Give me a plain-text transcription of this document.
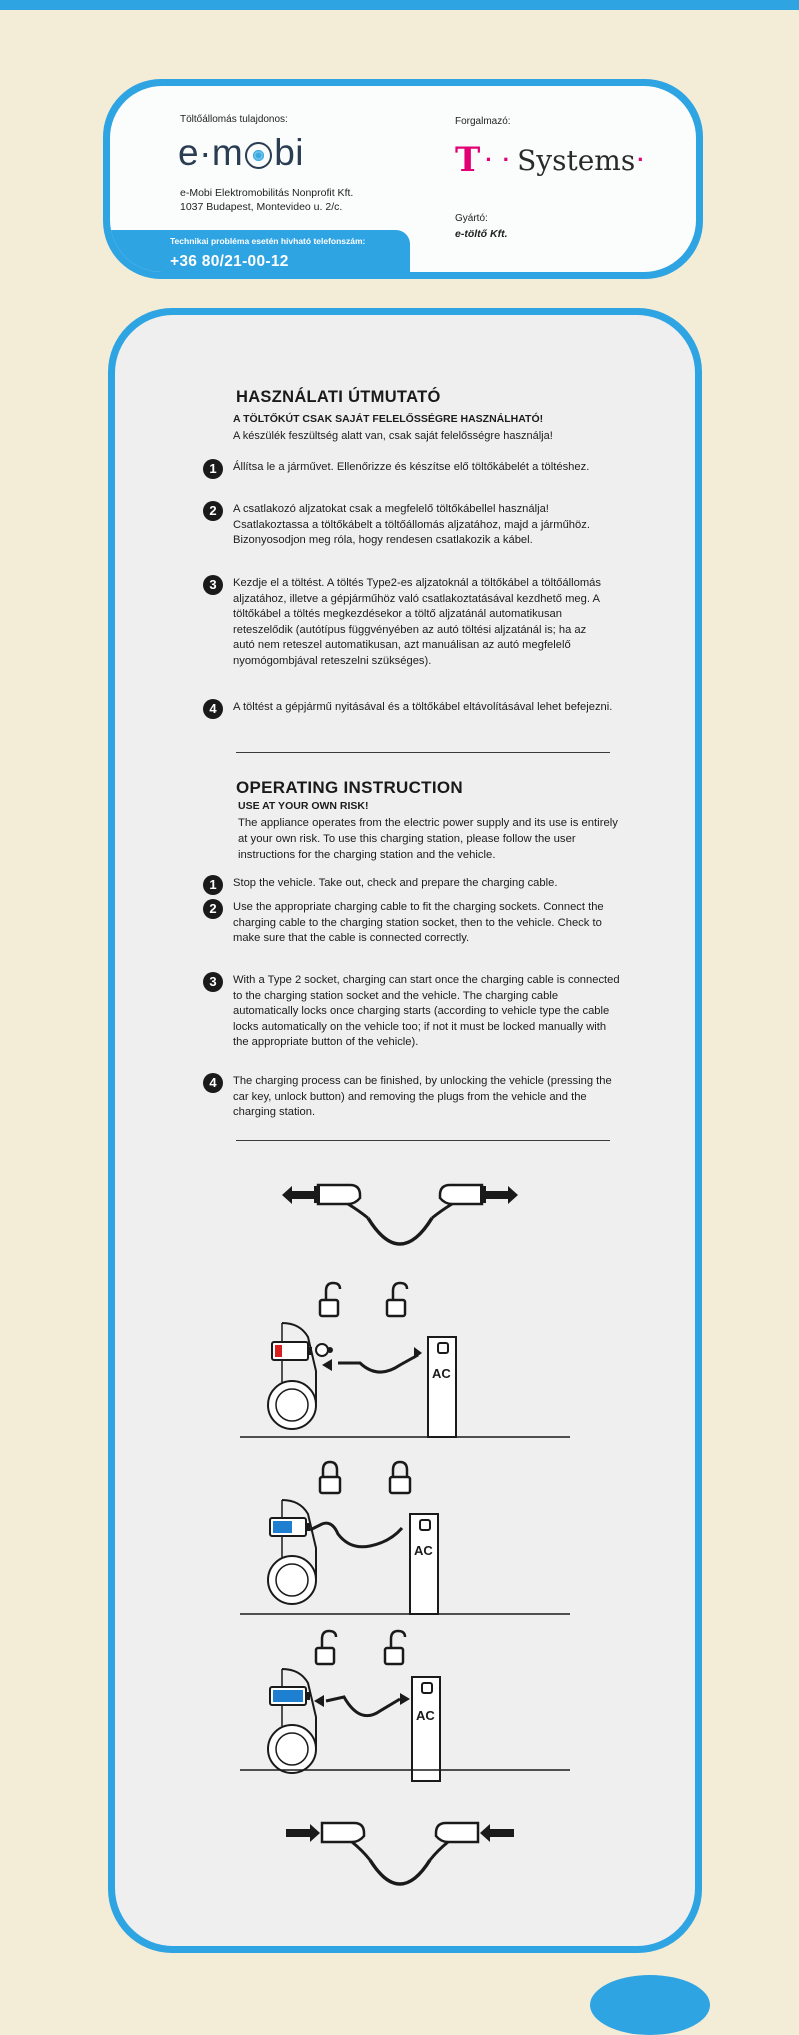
Töltőállomás tulajdonos:
e·m bi
e-Mobi Elektromobilitás Nonprofit Kft.
1037 Budapest, Montevideo u. 2/c.
Technikai probléma esetén hívható telefonszám:
+36 80/21-00-12
Forgalmazó:
T · · Systems ·
Gyártó:
e-töltő Kft.
HASZNÁLATI ÚTMUTATÓ
A TÖLTŐKÚT CSAK SAJÁT FELELŐSSÉGRE HASZNÁLHATÓ!
A készülék feszültség alatt van, csak saját felelősségre használja!
1	Állítsa le a járművet. Ellenőrizze és készítse elő töltőkábelét a töltéshez.
2	A csatlakozó aljzatokat csak a megfelelő töltőkábellel használja! Csatlakoztassa a töltőkábelt a töltőállomás aljzatához, majd a járműhöz. Bizonyosodjon meg róla, hogy rendesen csatlakozik a kábel.
3	Kezdje el a töltést. A töltés Type2-es aljzatoknál a töltőkábel a töltőállomás aljzatához, illetve a gépjárműhöz való csatlakoztatásával kezdhető meg. A töltőkábel a töltés megkezdésekor a töltő aljzatánál automatikusan reteszelődik (autótípus függvényében az autó töltési aljzatánál is; ha az autó nem reteszel automatikusan, azt manuálisan az autó megfelelő nyomógombjával reteszelni szükséges).
4	A töltést a gépjármű nyitásával és a töltőkábel eltávolításával lehet befejezni.
OPERATING INSTRUCTION
USE AT YOUR OWN RISK!
The appliance operates from the electric power supply and its use is entirely at your own risk. To use this charging station, please follow the user instructions for the charging station and the vehicle.
1	Stop the vehicle. Take out, check and prepare the charging cable.
2	Use the appropriate charging cable to fit the charging sockets. Connect the charging cable to the charging station socket, then to the vehicle. Check to make sure that the cable is connected correctly.
3	With a Type 2 socket, charging can start once the charging cable is connected to the charging station socket and the vehicle. The charging cable automatically locks once charging starts (according to vehicle type the cable locks automatically on the vehicle too; if not it must be locked manually with the appropriate button of the vehicle).
4	The charging process can be finished, by unlocking the vehicle (pressing the car key, unlock button) and removing the plugs from the vehicle and the charging station.
AC
AC
AC
